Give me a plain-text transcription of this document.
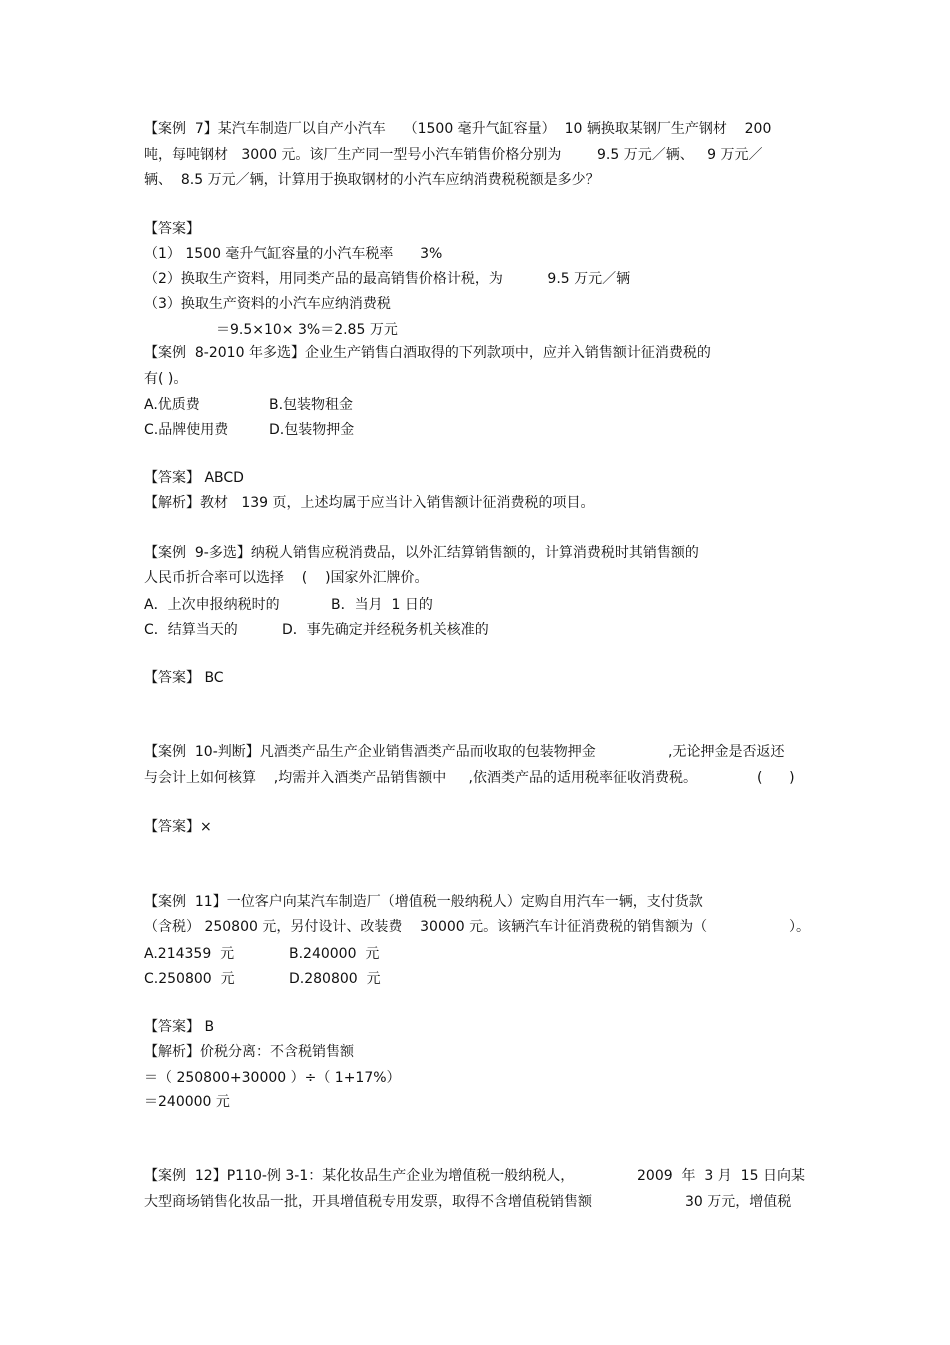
【案例  7】某汽车制造厂以自产小汽车    （1500 毫升气缸容量）  10 辆换取某钢厂生产钢材    200
吨，每吨钢材   3000 元。该厂生产同一型号小汽车销售价格分别为        9.5 万元／辆、   9 万元／
辆、  8.5 万元／辆，计算用于换取钢材的小汽车应纳消费税税额是多少？
【答案】
（1） 1500 毫升气缸容量的小汽车税率      3%
（2）换取生产资料，用同类产品的最高销售价格计税，为          9.5 万元／辆
（3）换取生产资料的小汽车应纳消费税
＝9.5×10× 3%＝2.85 万元
【案例  8-2010 年多选】企业生产销售白酒取得的下列款项中，应并入销售额计征消费税的
有( )。
A.优质费	B.包装物租金
C.品牌使用费	D.包装物押金
【答案】 ABCD
【解析】教材   139 页，上述均属于应当计入销售额计征消费税的项目。
【案例  9-多选】纳税人销售应税消费品，以外汇结算销售额的，计算消费税时其销售额的
人民币折合率可以选择    (    )国家外汇牌价。
A．上次申报纳税时的	B．当月  1 日的
C．结算当天的	D．事先确定并经税务机关核准的
【答案】 BC
【案例  10-判断】凡酒类产品生产企业销售酒类产品而收取的包装物押金	,无论押金是否返还
与会计上如何核算    ,均需并入酒类产品销售额中     ,依酒类产品的适用税率征收消费税。	(      )
【答案】×
【案例  11】一位客户向某汽车制造厂（增值税一般纳税人）定购自用汽车一辆，支付货款
（含税） 250800 元，另付设计、改装费    30000 元。该辆汽车计征消费税的销售额为（	）。
A.214359  元	B.240000  元
C.250800  元	D.280800  元
【答案】 B
【解析】价税分离：不含税销售额
＝（ 250800+30000 ）÷（ 1+17%）
＝240000 元
【案例  12】P110-例 3-1：某化妆品生产企业为增值税一般纳税人，	2009  年  3 月  15 日向某
大型商场销售化妆品一批，开具增值税专用发票，取得不含增值税销售额	30 万元，增值税
